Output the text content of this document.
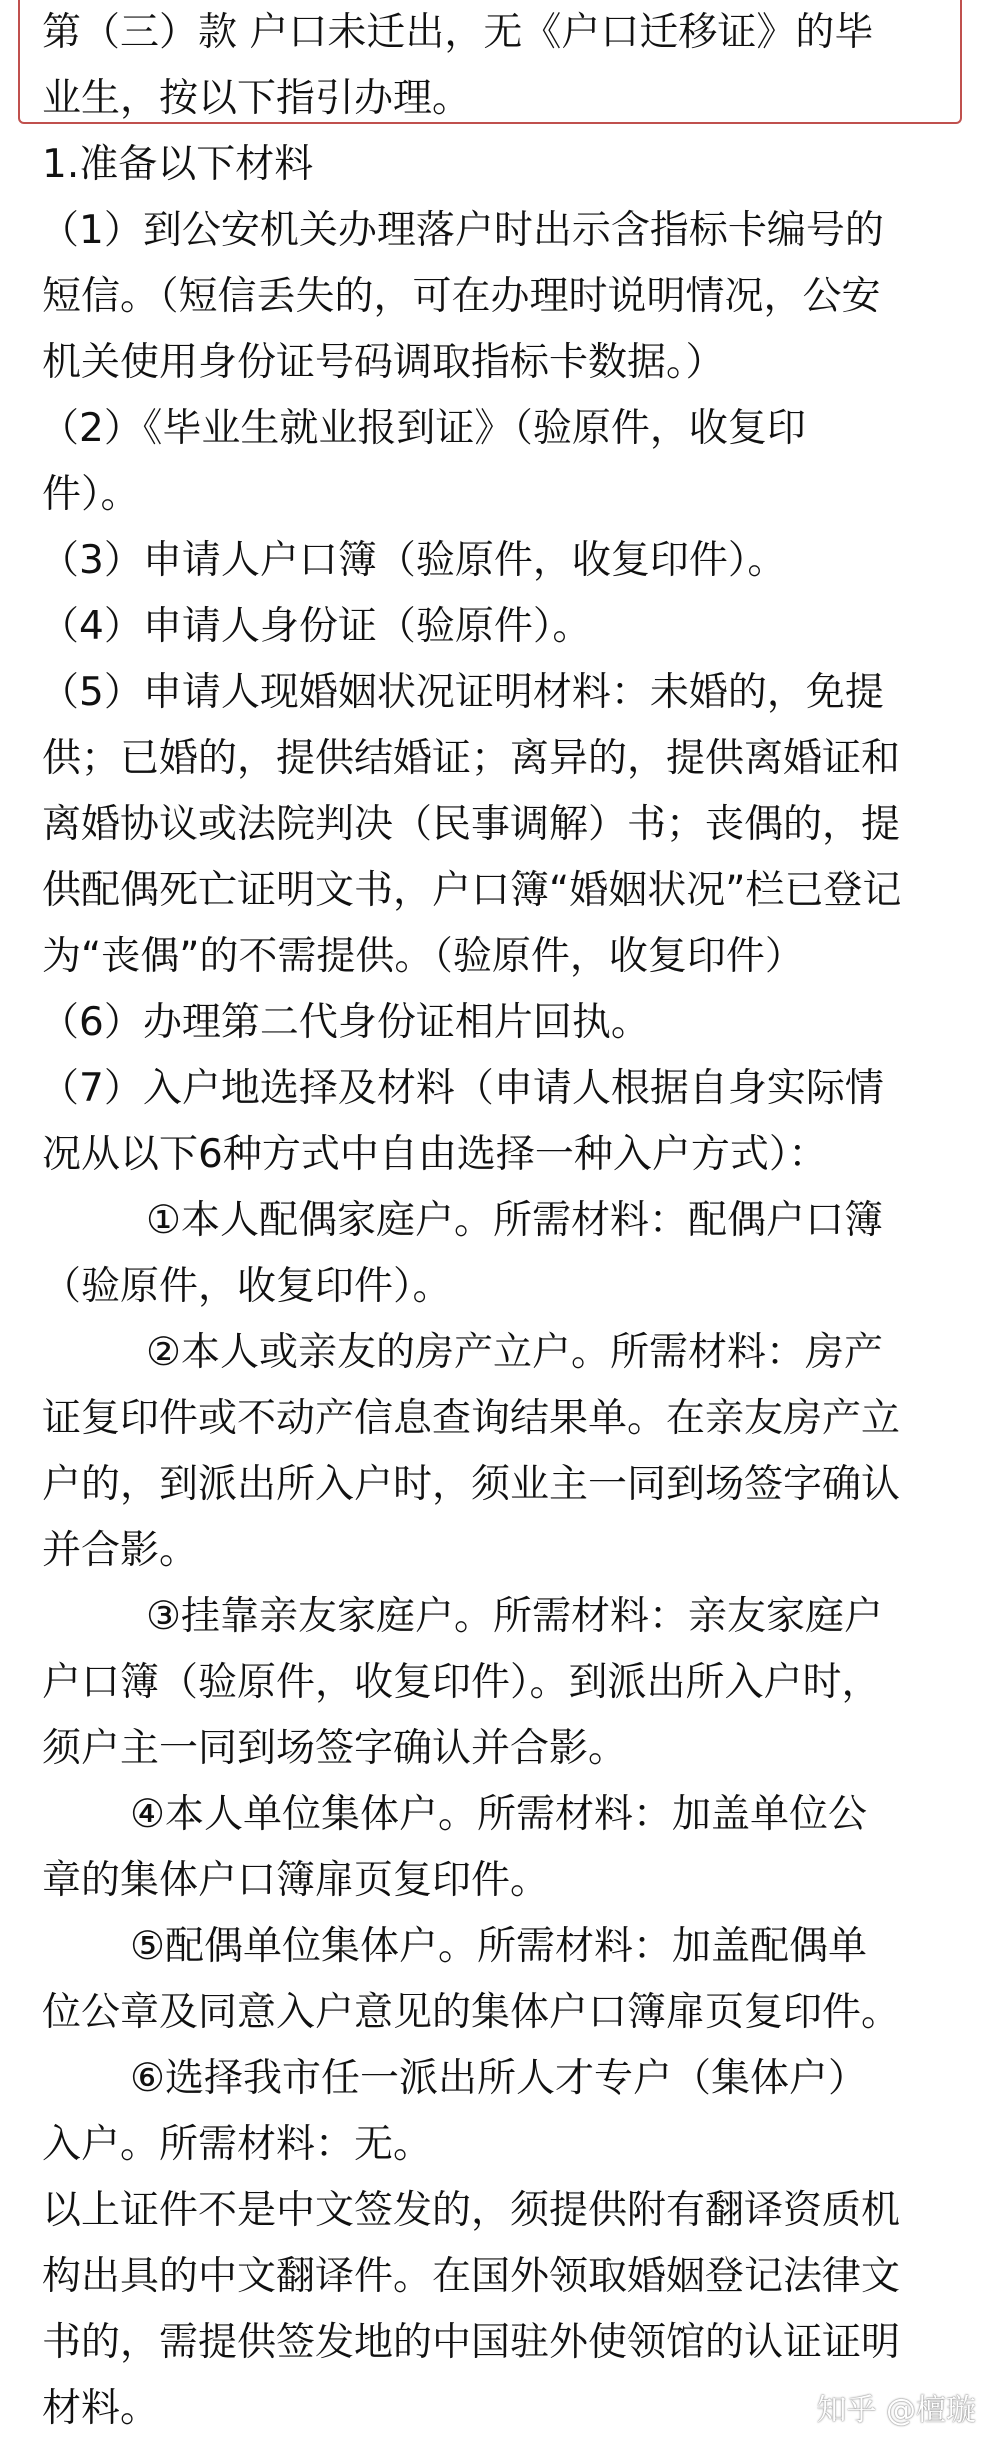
第（三）款 户口未迁出，无《户口迁移证》的毕
业生，按以下指引办理。
1.准备以下材料
（1）到公安机关办理落户时出示含指标卡编号的
短信。（短信丢失的，可在办理时说明情况，公安
机关使用身份证号码调取指标卡数据。）
（2）《毕业生就业报到证》（验原件，收复印
件）。
（3）申请人户口簿（验原件，收复印件）。
（4）申请人身份证（验原件）。
（5）申请人现婚姻状况证明材料：未婚的，免提
供；已婚的，提供结婚证；离异的，提供离婚证和
离婚协议或法院判决（民事调解）书；丧偶的，提
供配偶死亡证明文书，户口簿“婚姻状况”栏已登记
为“丧偶”的不需提供。（验原件，收复印件）
（6）办理第二代身份证相片回执。
（7）入户地选择及材料（申请人根据自身实际情
况从以下6种方式中自由选择一种入户方式）：
①本人配偶家庭户。所需材料：配偶户口簿
（验原件，收复印件）。
②本人或亲友的房产立户。所需材料：房产
证复印件或不动产信息查询结果单。在亲友房产立
户的，到派出所入户时，须业主一同到场签字确认
并合影。
③挂靠亲友家庭户。所需材料：亲友家庭户
户口簿（验原件，收复印件）。到派出所入户时，
须户主一同到场签字确认并合影。
④本人单位集体户。所需材料：加盖单位公
章的集体户口簿扉页复印件。
⑤配偶单位集体户。所需材料：加盖配偶单
位公章及同意入户意见的集体户口簿扉页复印件。
⑥选择我市任一派出所人才专户（集体户）
入户。所需材料：无。
以上证件不是中文签发的，须提供附有翻译资质机
构出具的中文翻译件。在国外领取婚姻登记法律文
书的，需提供签发地的中国驻外使领馆的认证证明
材料。	知乎 @檀璇
